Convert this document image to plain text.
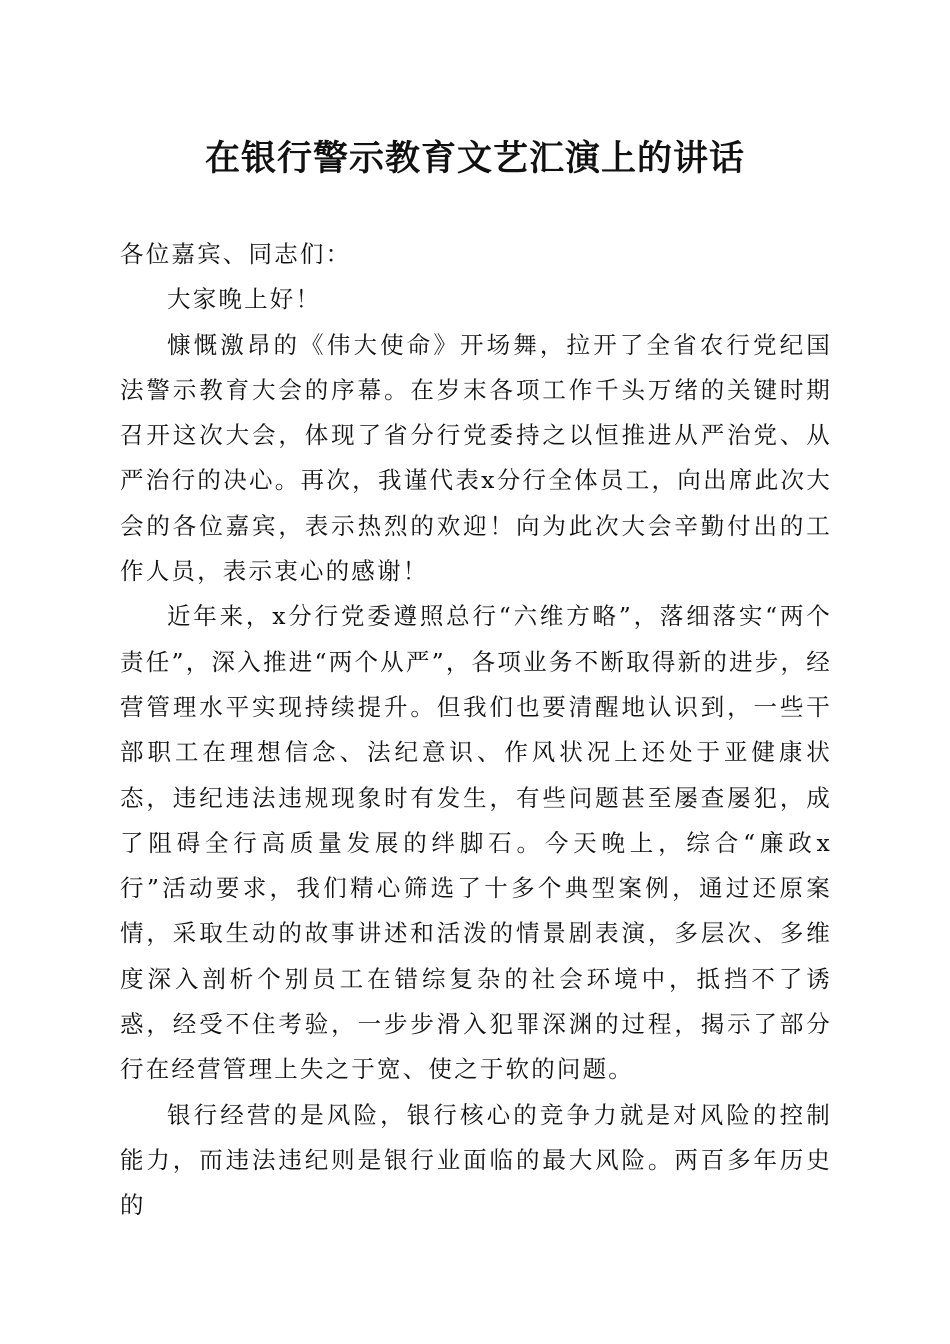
在银行警示教育文艺汇演上的讲话

各位嘉宾、同志们：

大家晚上好！

慷慨激昂的《伟大使命》开场舞，拉开了全省农行党纪国法警示教育大会的序幕。在岁末各项工作千头万绪的关键时期召开这次大会，体现了省分行党委持之以恒推进从严治党、从严治行的决心。再次，我谨代表x分行全体员工，向出席此次大会的各位嘉宾，表示热烈的欢迎！向为此次大会辛勤付出的工作人员，表示衷心的感谢！

近年来，x分行党委遵照总行“六维方略”，落细落实“两个责任”，深入推进“两个从严”，各项业务不断取得新的进步，经营管理水平实现持续提升。但我们也要清醒地认识到，一些干部职工在理想信念、法纪意识、作风状况上还处于亚健康状态，违纪违法违规现象时有发生，有些问题甚至屡查屡犯，成了阻碍全行高质量发展的绊脚石。今天晚上，综合“廉政x行”活动要求，我们精心筛选了十多个典型案例，通过还原案情，采取生动的故事讲述和活泼的情景剧表演，多层次、多维度深入剖析个别员工在错综复杂的社会环境中，抵挡不了诱惑，经受不住考验，一步步滑入犯罪深渊的过程，揭示了部分行在经营管理上失之于宽、使之于软的问题。

银行经营的是风险，银行核心的竞争力就是对风险的控制能力，而违法违纪则是银行业面临的最大风险。两百多年历史的
